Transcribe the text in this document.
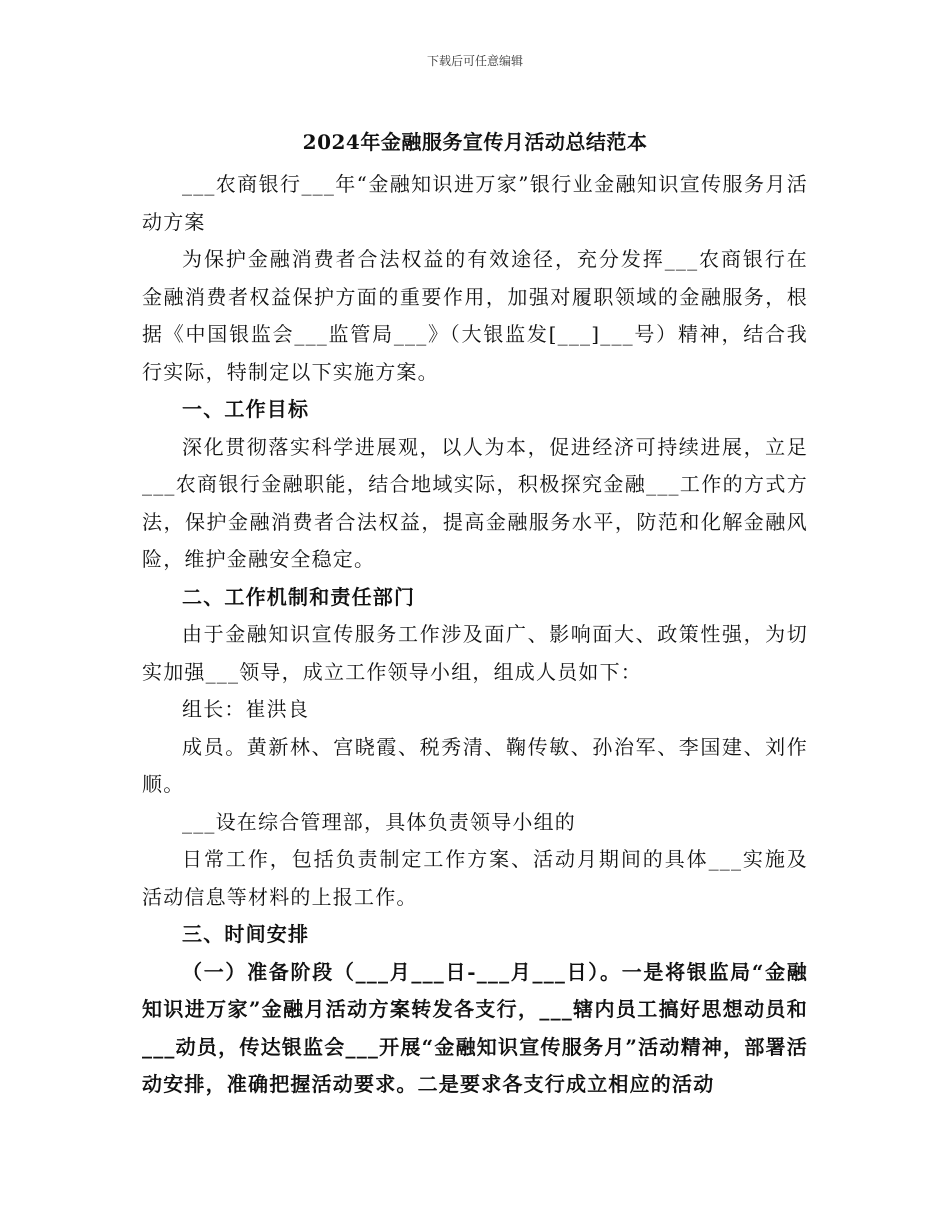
下载后可任意编辑
2024年金融服务宣传月活动总结范本

___农商银行___年“金融知识进万家”银行业金融知识宣传服务月活动方案

为保护金融消费者合法权益的有效途径，充分发挥___农商银行在金融消费者权益保护方面的重要作用，加强对履职领域的金融服务，根据《中国银监会___监管局___》（大银监发[___]___号）精神，结合我行实际，特制定以下实施方案。

一、工作目标

深化贯彻落实科学进展观，以人为本，促进经济可持续进展，立足___农商银行金融职能，结合地域实际，积极探究金融___工作的方式方法，保护金融消费者合法权益，提高金融服务水平，防范和化解金融风险，维护金融安全稳定。

二、工作机制和责任部门

由于金融知识宣传服务工作涉及面广、影响面大、政策性强，为切实加强___领导，成立工作领导小组，组成人员如下：

组长：崔洪良

成员。黄新林、宫晓霞、税秀清、鞠传敏、孙治军、李国建、刘作顺。

___设在综合管理部，具体负责领导小组的

日常工作，包括负责制定工作方案、活动月期间的具体___实施及活动信息等材料的上报工作。

三、时间安排

（一）准备阶段（___月___日-___月___日）。一是将银监局“金融知识进万家”金融月活动方案转发各支行，___辖内员工搞好思想动员和___动员，传达银监会___开展“金融知识宣传服务月”活动精神，部署活动安排，准确把握活动要求。二是要求各支行成立相应的活动
